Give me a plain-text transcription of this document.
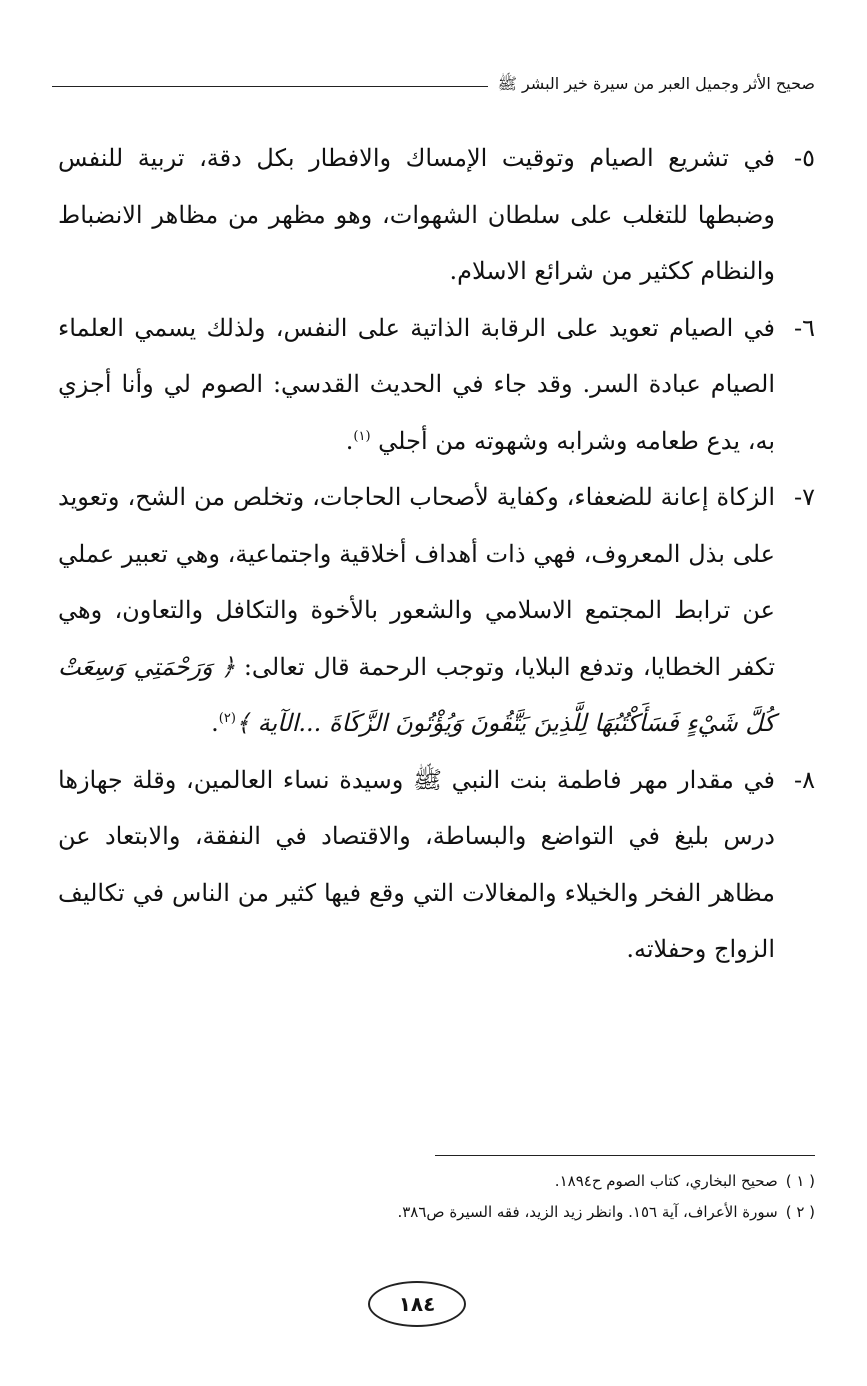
صحيح الأثر وجميل العبر من سيرة خير البشر ﷺ

٥-في تشريع الصيام وتوقيت الإمساك والافطار بكل دقة، تربية للنفس وضبطها للتغلب على سلطان الشهوات، وهو مظهر من مظاهر الانضباط والنظام ككثير من شرائع الاسلام.

٦-في الصيام تعويد على الرقابة الذاتية على النفس، ولذلك يسمي العلماء الصيام عبادة السر. وقد جاء في الحديث القدسي: الصوم لي وأنا أجزي به، يدع طعامه وشرابه وشهوته من أجلي $^{(١)}$.

٧-الزكاة إعانة للضعفاء، وكفاية لأصحاب الحاجات، وتخلص من الشح، وتعويد على بذل المعروف، فهي ذات أهداف أخلاقية واجتماعية، وهي تعبير عملي عن ترابط المجتمع الاسلامي والشعور بالأخوة والتكافل والتعاون، وهي تكفر الخطايا، وتدفع البلايا، وتوجب الرحمة قال تعالى: ﴿ وَرَحْمَتِي وَسِعَتْ كُلَّ شَيْءٍ فَسَأَكْتُبُهَا لِلَّذِينَ يَتَّقُونَ وَيُؤْتُونَ الزَّكَاةَ ...الآية ﴾$^{(٢)}$.

٨-في مقدار مهر فاطمة بنت النبي ﷺ وسيدة نساء العالمين، وقلة جهازها درس بليغ في التواضع والبساطة، والاقتصاد في النفقة، والابتعاد عن مظاهر الفخر والخيلاء والمغالات التي وقع فيها كثير من الناس في تكاليف الزواج وحفلاته.

( ١ )صحيح البخاري، كتاب الصوم ح١٨٩٤.

( ٢ )سورة الأعراف، آية ١٥٦. وانظر زيد الزيد، فقه السيرة ص٣٨٦.

١٨٤
